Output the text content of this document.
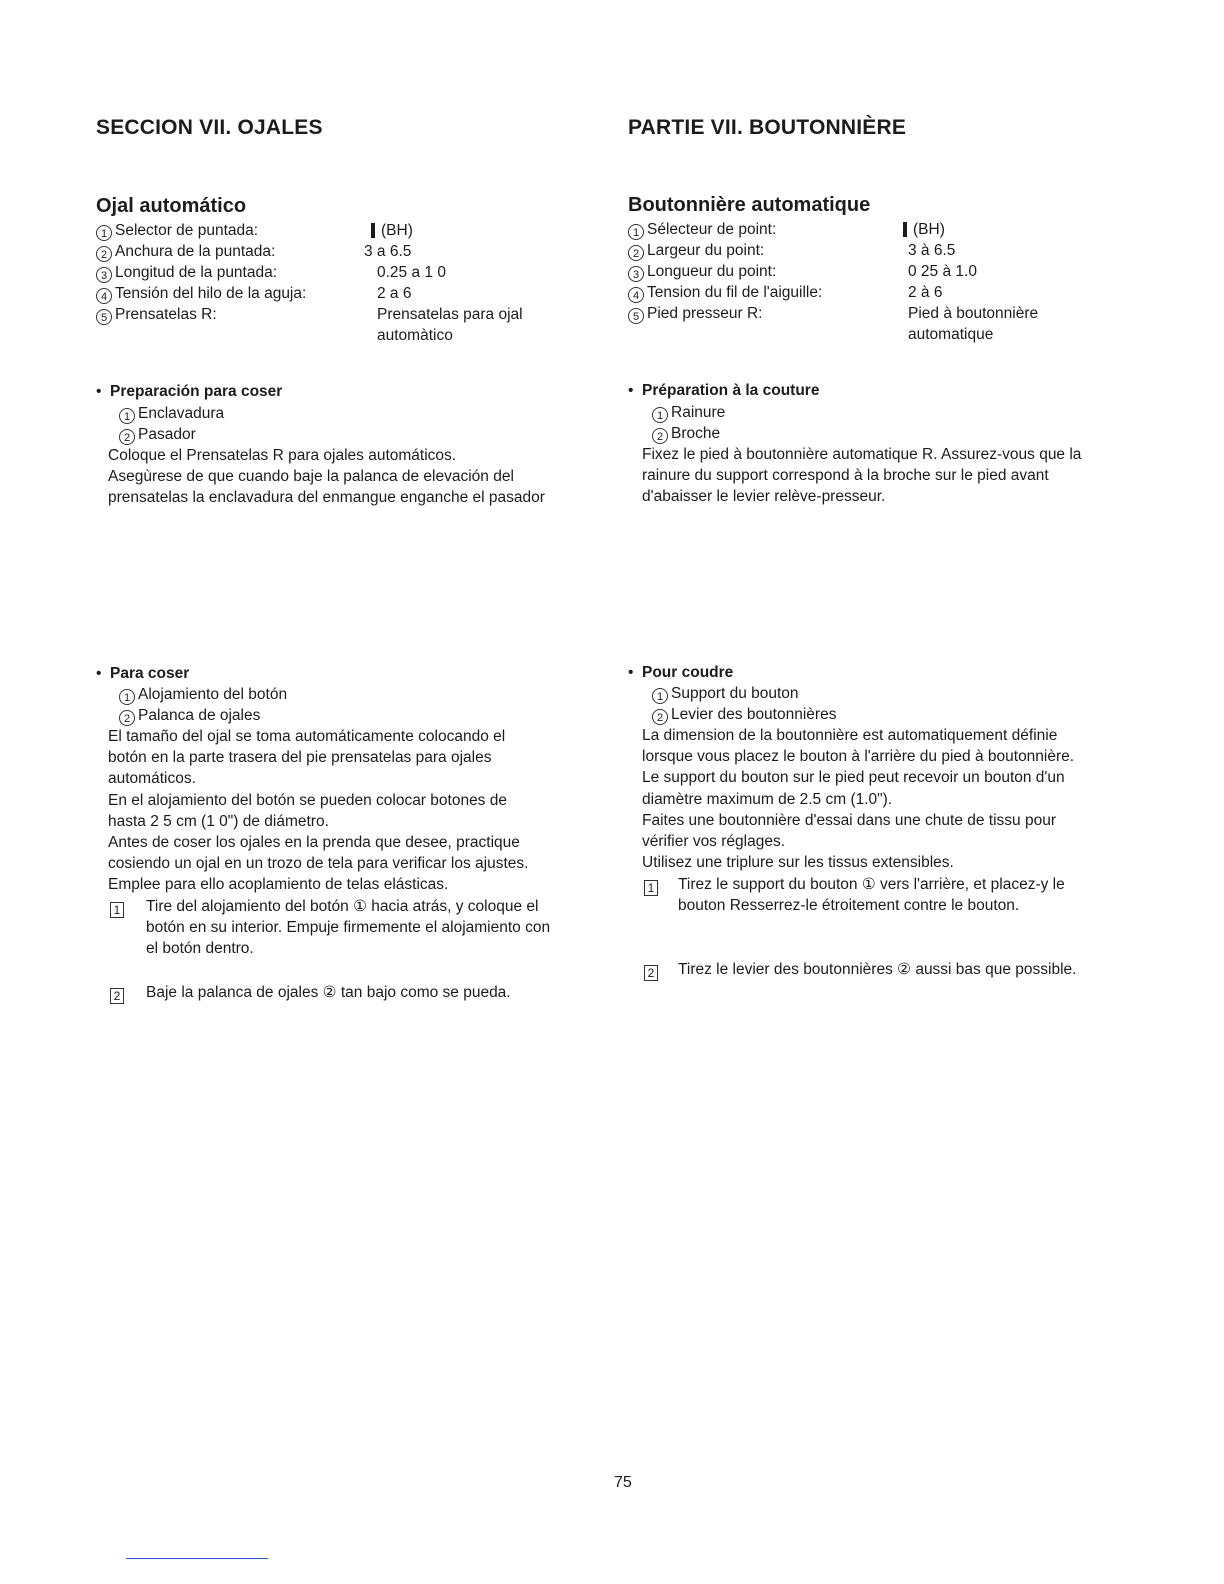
SECCION VII. OJALES
Ojal automático
1 Selector de puntada:	(BH)
2 Anchura de la puntada:	3 a 6.5
3 Longitud de la puntada:	0.25 a 1 0
4 Tensión del hilo de la aguja:	2 a 6
5 Prensatelas R:	Prensatelas para ojal
automàtico
• Preparación para coser
1 Enclavadura
2 Pasador
Coloque el Prensatelas R para ojales automáticos.
Asegùrese de que cuando baje la palanca de elevación del
prensatelas la enclavadura del enmangue enganche el pasador
• Para coser
1 Alojamiento del botón
2 Palanca de ojales
El tamaño del ojal se toma automáticamente colocando el
botón en la parte trasera del pie prensatelas para ojales
automáticos.
En el alojamiento del botón se pueden colocar botones de
hasta 2 5 cm (1 0") de diámetro.
Antes de coser los ojales en la prenda que desee, practique
cosiendo un ojal en un trozo de tela para verificar los ajustes.
Emplee para ello acoplamiento de telas elásticas.
1 Tire del alojamiento del botón ① hacia atrás, y coloque el
botón en su interior. Empuje firmemente el alojamiento con
el botón dentro.
2 Baje la palanca de ojales ② tan bajo como se pueda.
PARTIE VII. BOUTONNIÈRE
Boutonnière automatique
1 Sélecteur de point:	(BH)
2 Largeur du point:	3 à 6.5
3 Longueur du point:	0 25 à 1.0
4 Tension du fil de l'aiguille:	2 à 6
5 Pied presseur R:	Pied à boutonnière
automatique
• Préparation à la couture
1 Rainure
2 Broche
Fixez le pied à boutonnière automatique R. Assurez-vous que la
rainure du support correspond à la broche sur le pied avant
d'abaisser le levier relève-presseur.
• Pour coudre
1 Support du bouton
2 Levier des boutonnières
La dimension de la boutonnière est automatiquement définie
lorsque vous placez le bouton à l'arrière du pied à boutonnière.
Le support du bouton sur le pied peut recevoir un bouton d'un
diamètre maximum de 2.5 cm (1.0").
Faites une boutonnière d'essai dans une chute de tissu pour
vérifier vos réglages.
Utilisez une triplure sur les tissus extensibles.
1 Tirez le support du bouton ① vers l'arrière, et placez-y le
bouton Resserrez-le étroitement contre le bouton.
2 Tirez le levier des boutonnières ② aussi bas que possible.
75
